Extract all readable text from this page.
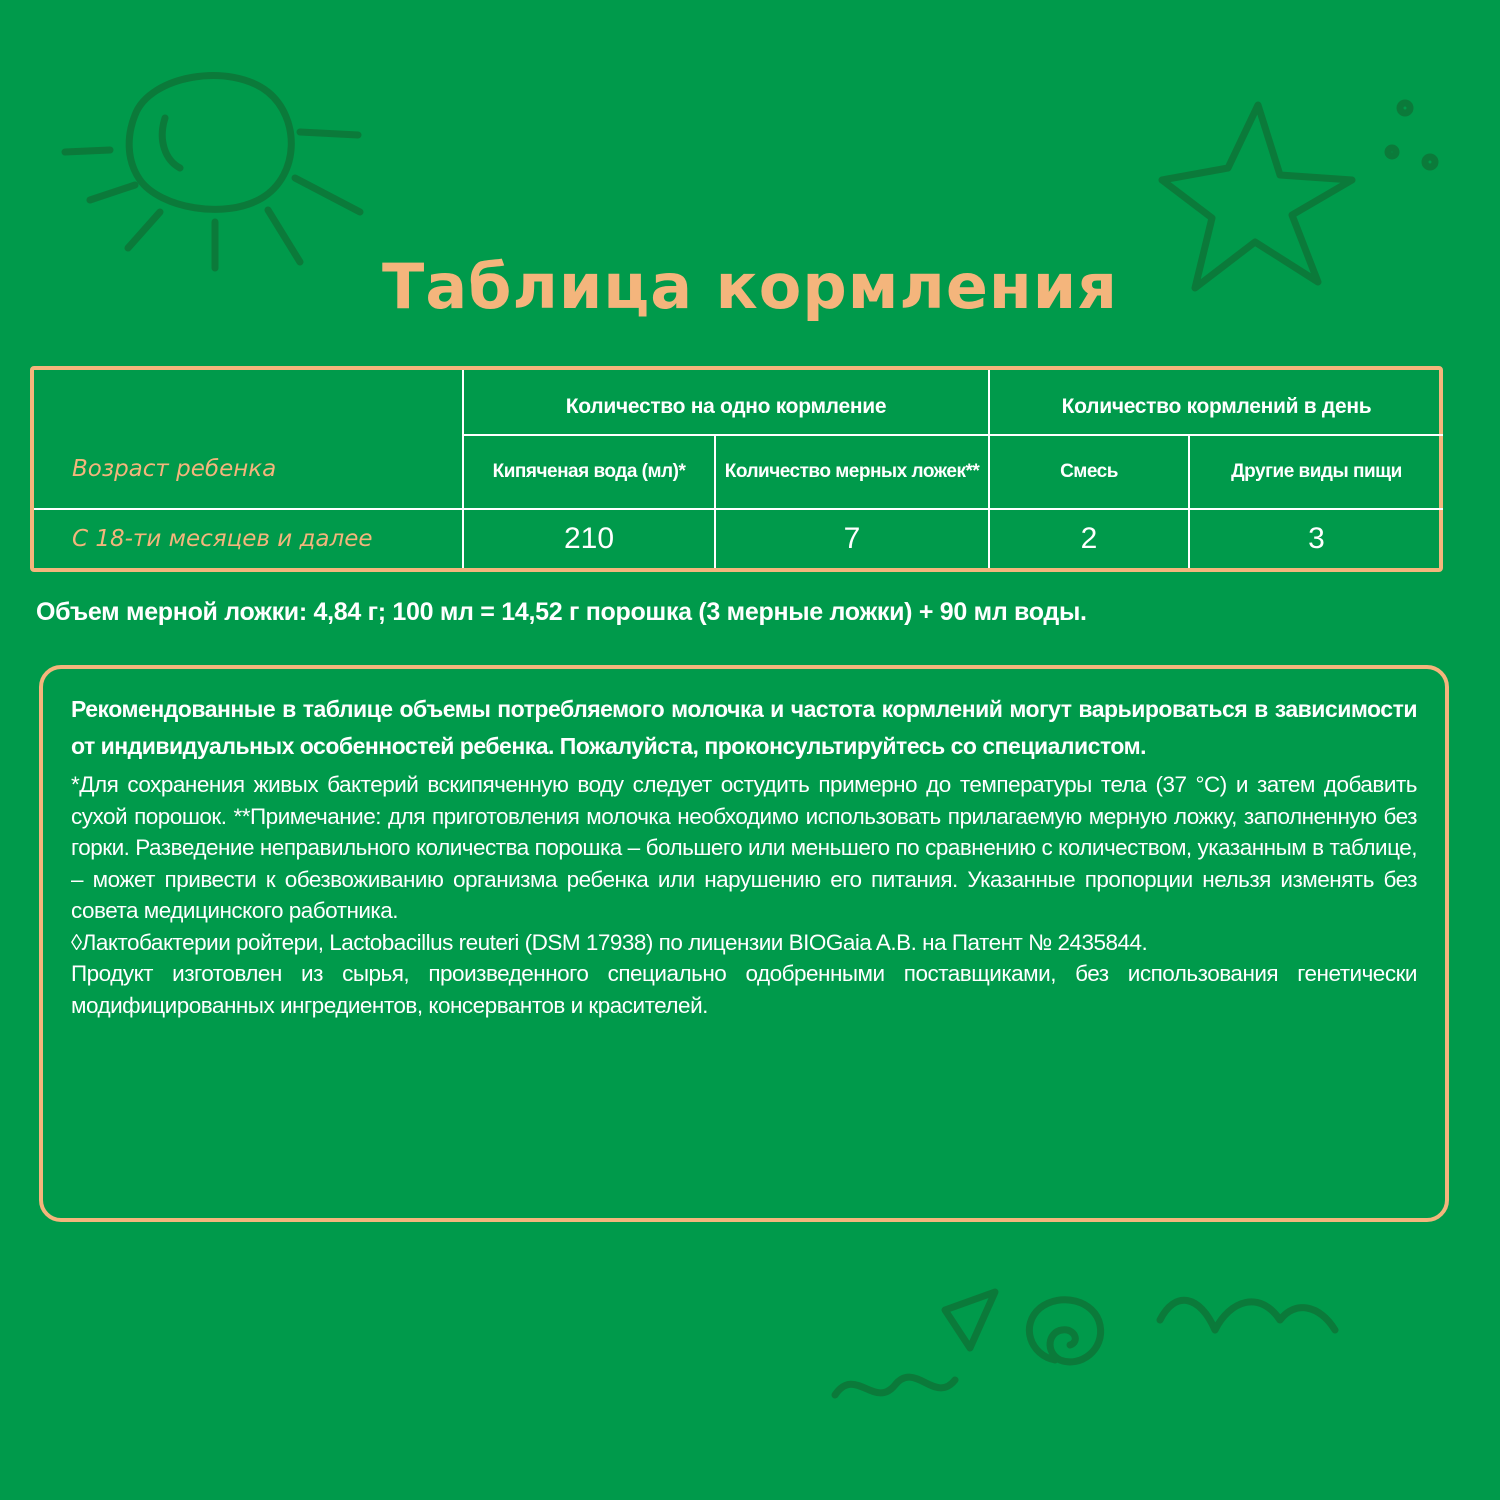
Таблица кормления
Возраст ребенка
Количество на одно кормление	Количество кормлений в день
Кипяченая вода (мл)*	Количество мерных ложек**	Смесь	Другие виды пищи
С 18-ти месяцев и далее	210	7	2	3
Объем мерной ложки: 4,84 г; 100 мл = 14,52 г порошка (3 мерные ложки) + 90 мл воды.

Рекомендованные в таблице объемы потребляемого молочка и частота кормлений могут варьироваться в зависимости от индивидуальных особенностей ребенка. Пожалуйста, проконсультируйтесь со специалистом.

*Для сохранения живых бактерий вскипяченную воду следует остудить примерно до температуры тела (37 °С) и затем добавить сухой порошок. **Примечание: для приготовления молочка необходимо использовать прилагаемую мерную ложку, заполненную без горки. Разведение неправильного количества порошка – большего или меньшего по сравнению с количеством, указанным в таблице, – может привести к обезвоживанию организма ребенка или нарушению его питания. Указанные пропорции нельзя изменять без совета медицинского работника.

◊Лактобактерии ройтери, Lactobacillus reuteri (DSM 17938) по лицензии BIOGaia A.B. на Патент № 2435844.

Продукт изготовлен из сырья, произведенного специально одобренными поставщиками, без использования генетически модифицированных ингредиентов, консервантов и красителей.
